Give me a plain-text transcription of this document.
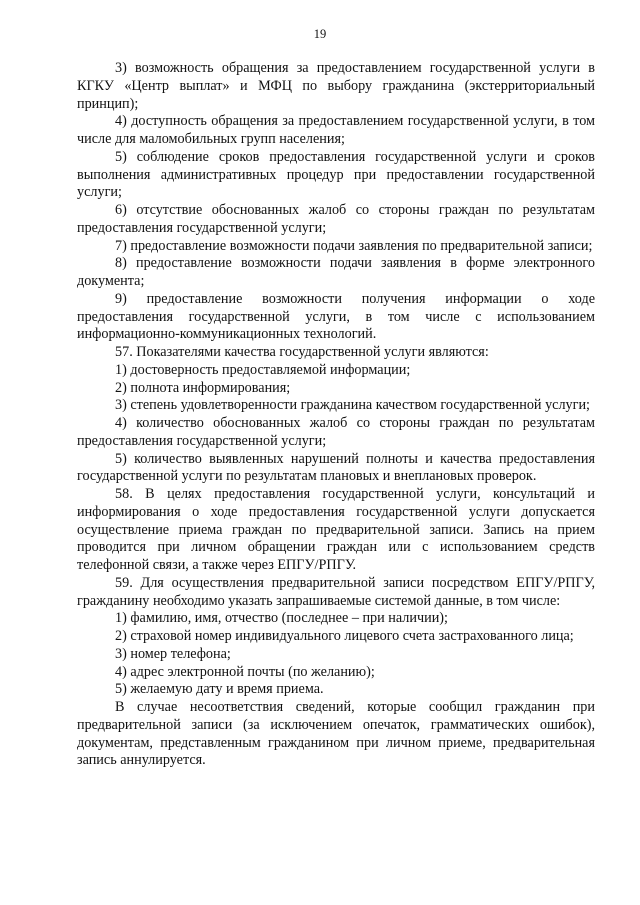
19

3) возможность обращения за предоставлением государственной услуги в КГКУ «Центр выплат» и МФЦ по выбору гражданина (экстерриториальный принцип);

4) доступность обращения за предоставлением государственной услуги, в том числе для маломобильных групп населения;

5) соблюдение сроков предоставления государственной услуги и сроков выполнения административных процедур при предоставлении государственной услуги;

6) отсутствие обоснованных жалоб со стороны граждан по результатам предоставления государственной услуги;

7) предоставление возможности подачи заявления по предварительной записи;

8) предоставление возможности подачи заявления в форме электронного документа;

9) предоставление возможности получения информации о ходе предоставления государственной услуги, в том числе с использованием информационно-коммуникационных технологий.

57. Показателями качества государственной услуги являются:

1) достоверность предоставляемой информации;

2) полнота информирования;

3) степень удовлетворенности гражданина качеством государственной услуги;

4) количество обоснованных жалоб со стороны граждан по результатам предоставления государственной услуги;

5) количество выявленных нарушений полноты и качества предоставления государственной услуги по результатам плановых и внеплановых проверок.

58. В целях предоставления государственной услуги, консультаций и информирования о ходе предоставления государственной услуги допускается осуществление приема граждан по предварительной записи. Запись на прием проводится при личном обращении граждан или с использованием средств телефонной связи, а также через ЕПГУ/РПГУ.

59. Для осуществления предварительной записи посредством ЕПГУ/РПГУ, гражданину необходимо указать запрашиваемые системой данные, в том числе:

1) фамилию, имя, отчество (последнее – при наличии);

2) страховой номер индивидуального лицевого счета застрахованного лица;

3) номер телефона;

4) адрес электронной почты (по желанию);

5) желаемую дату и время приема.

В случае несоответствия сведений, которые сообщил гражданин при предварительной записи (за исключением опечаток, грамматических ошибок), документам, представленным гражданином при личном приеме, предварительная запись аннулируется.
